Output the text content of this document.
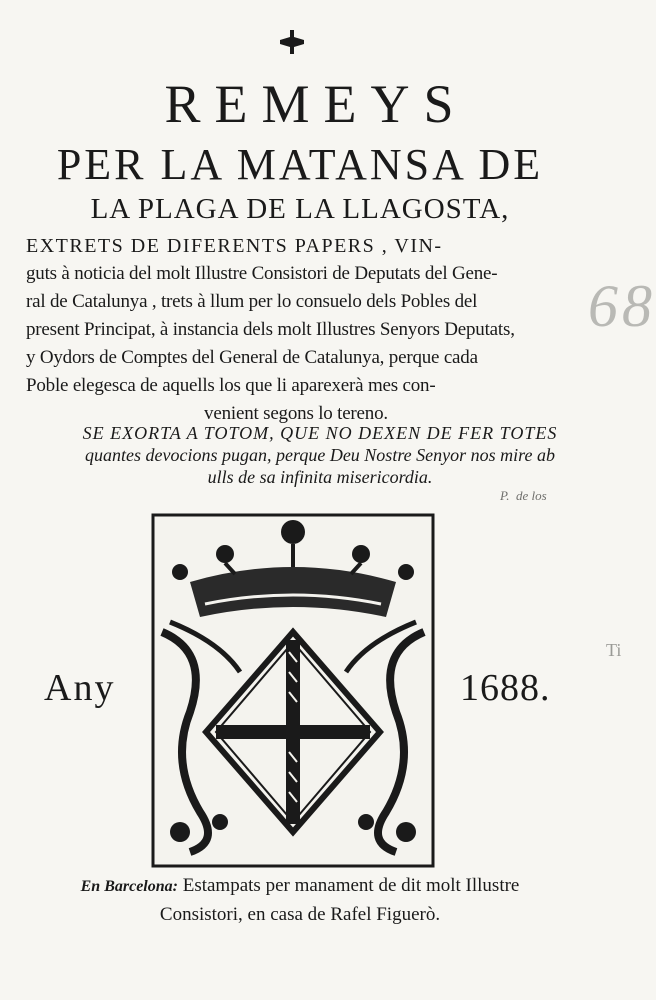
REMEYS
PER LA MATANSA DE
LA PLAGA DE LA LLAGOSTA,
EXTRETS DE DIFERENTS PAPERS , VIN-
guts à noticia del molt Illustre Consistori de Deputats del Gene-
ral de Catalunya , trets à llum per lo consuelo dels Pobles del
present Principat, à instancia dels molt Illustres Senyors Deputats,
y Oydors de Comptes del General de Catalunya, perque cada
Poble elegesca de aquells los que li aparexerà mes con-
venient segons lo tereno.
SE EXORTA A TOTOM, QUE NO DEXEN DE FER TOTES
quantes devocions pugan, perque Deu Nostre Senyor nos mire ab
ulls de sa infinita misericordia.
68
P.  de los
Ti
Any	1688.
En Barcelona: Estampats per manament de dit molt Illustre
Consistori, en casa de Rafel Figuerò.
